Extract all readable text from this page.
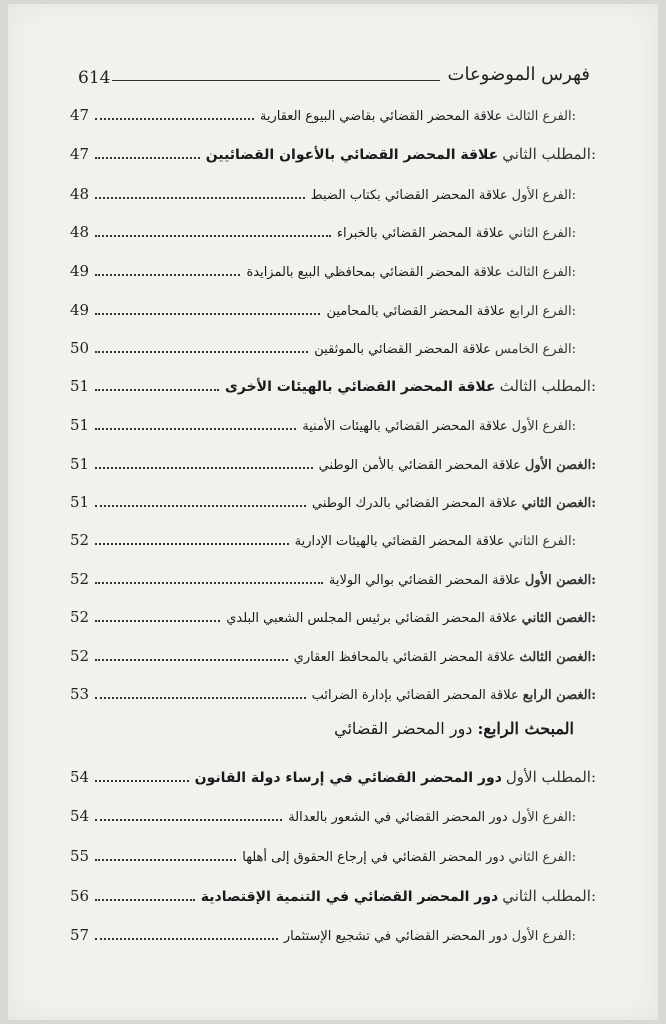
614	فهرس الموضوعات
الفرع الثالث:
علاقة المحضر القضائي بقاضي البيوع العقارية
47
المطلب الثاني:
علاقة المحضر القضائي بالأعوان القضائيين
47
الفرع الأول:
علاقة المحضر القضائي بكتاب الضبط
48
الفرع الثاني:
علاقة المحضر القضائي بالخبراء
48
الفرع الثالث:
علاقة المحضر القضائي بمحافظي البيع بالمزايدة
49
الفرع الرابع:
علاقة المحضر القضائي بالمحامين
49
الفرع الخامس:
علاقة المحضر القضائي بالموثقين
50
المطلب الثالث:
علاقة المحضر القضائي بالهيئات الأخرى
51
الفرع الأول:
علاقة المحضر القضائي بالهيئات الأمنية
51
الغصن الأول:
علاقة المحضر القضائي بالأمن الوطني
51
الغصن الثاني:
علاقة المحضر القضائي بالدرك الوطني
51
الفرع الثاني:
علاقة المحضر القضائي بالهيئات الإدارية
52
الغصن الأول:
علاقة المحضر القضائي بوالي الولاية
52
الغصن الثاني:
علاقة المحضر القضائي برئيس المجلس الشعبي البلدي
52
الغصن الثالث:
علاقة المحضر القضائي بالمحافظ العقاري
52
الغصن الرابع:
علاقة المحضر القضائي بإدارة الضرائب
53
المبحث الرابع: دور المحضر القضائي
المطلب الأول:
دور المحضر القضائي في إرساء دولة القانون
54
الفرع الأول:
دور المحضر القضائي في الشعور بالعدالة
54
الفرع الثاني:
دور المحضر القضائي في إرجاع الحقوق إلى أهلها
55
المطلب الثاني:
دور المحضر القضائي في التنمية الإقتصادية
56
الفرع الأول:
دور المحضر القضائي في تشجيع الإستثمار
57
